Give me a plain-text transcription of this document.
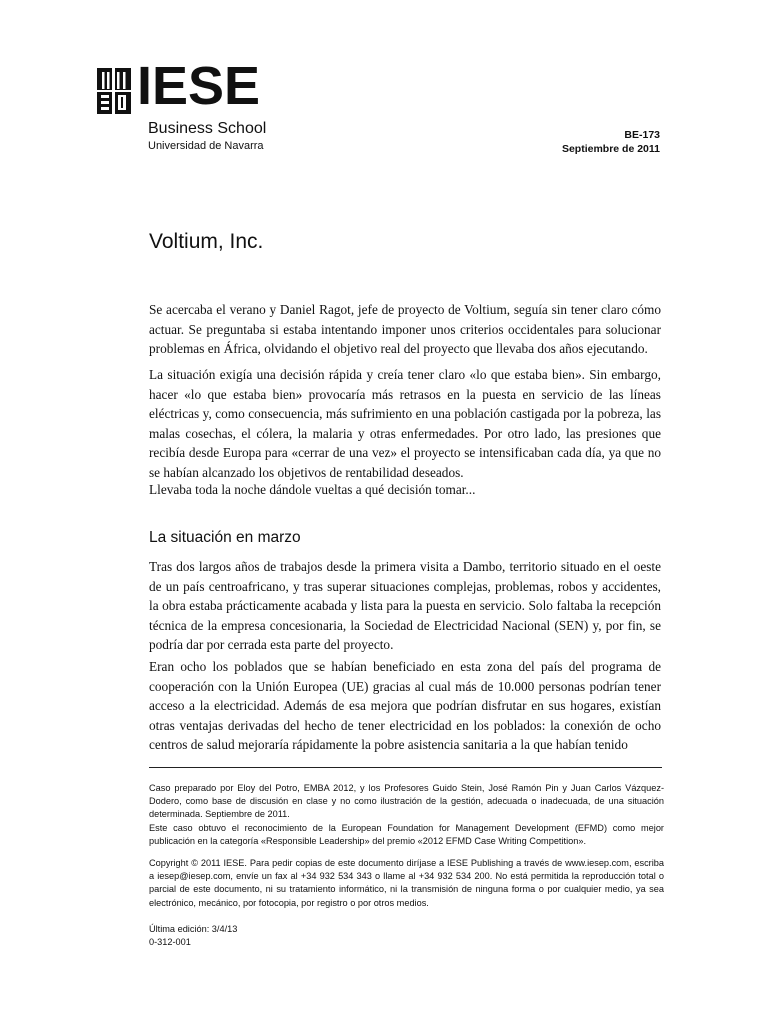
IESE
Business School
Universidad de Navarra
BE-173
Septiembre de 2011
Voltium, Inc.

Se acercaba el verano y Daniel Ragot, jefe de proyecto de Voltium, seguía sin tener claro cómo actuar. Se preguntaba si estaba intentando imponer unos criterios occidentales para solucionar problemas en África, olvidando el objetivo real del proyecto que llevaba dos años ejecutando.

La situación exigía una decisión rápida y creía tener claro «lo que estaba bien». Sin embargo, hacer «lo que estaba bien» provocaría más retrasos en la puesta en servicio de las líneas eléctricas y, como consecuencia, más sufrimiento en una población castigada por la pobreza, las malas cosechas, el cólera, la malaria y otras enfermedades. Por otro lado, las presiones que recibía desde Europa para «cerrar de una vez» el proyecto se intensificaban cada día, ya que no se habían alcanzado los objetivos de rentabilidad deseados.

Llevaba toda la noche dándole vueltas a qué decisión tomar...

La situación en marzo

Tras dos largos años de trabajos desde la primera visita a Dambo, territorio situado en el oeste de un país centroafricano, y tras superar situaciones complejas, problemas, robos y accidentes, la obra estaba prácticamente acabada y lista para la puesta en servicio. Solo faltaba la recepción técnica de la empresa concesionaria, la Sociedad de Electricidad Nacional (SEN) y, por fin, se podría dar por cerrada esta parte del proyecto.

Eran ocho los poblados que se habían beneficiado en esta zona del país del programa de cooperación con la Unión Europea (UE) gracias al cual más de 10.000 personas podrían tener acceso a la electricidad. Además de esa mejora que podrían disfrutar en sus hogares, existían otras ventajas derivadas del hecho de tener electricidad en los poblados: la conexión de ocho centros de salud mejoraría rápidamente la pobre asistencia sanitaria a la que habían tenido

Caso preparado por Eloy del Potro, EMBA 2012, y los Profesores Guido Stein, José Ramón Pin y Juan Carlos Vázquez-Dodero, como base de discusión en clase y no como ilustración de la gestión, adecuada o inadecuada, de una situación determinada. Septiembre de 2011.

Este caso obtuvo el reconocimiento de la European Foundation for Management Development (EFMD) como mejor publicación en la categoría «Responsible Leadership» del premio «2012 EFMD Case Writing Competition».

Copyright © 2011 IESE. Para pedir copias de este documento diríjase a IESE Publishing a través de www.iesep.com, escriba a iesep@iesep.com, envíe un fax al +34 932 534 343 o llame al +34 932 534 200. No está permitida la reproducción total o parcial de este documento, ni su tratamiento informático, ni la transmisión de ninguna forma o por cualquier medio, ya sea electrónico, mecánico, por fotocopia, por registro o por otros medios.

Última edición: 3/4/13
0-312-001
